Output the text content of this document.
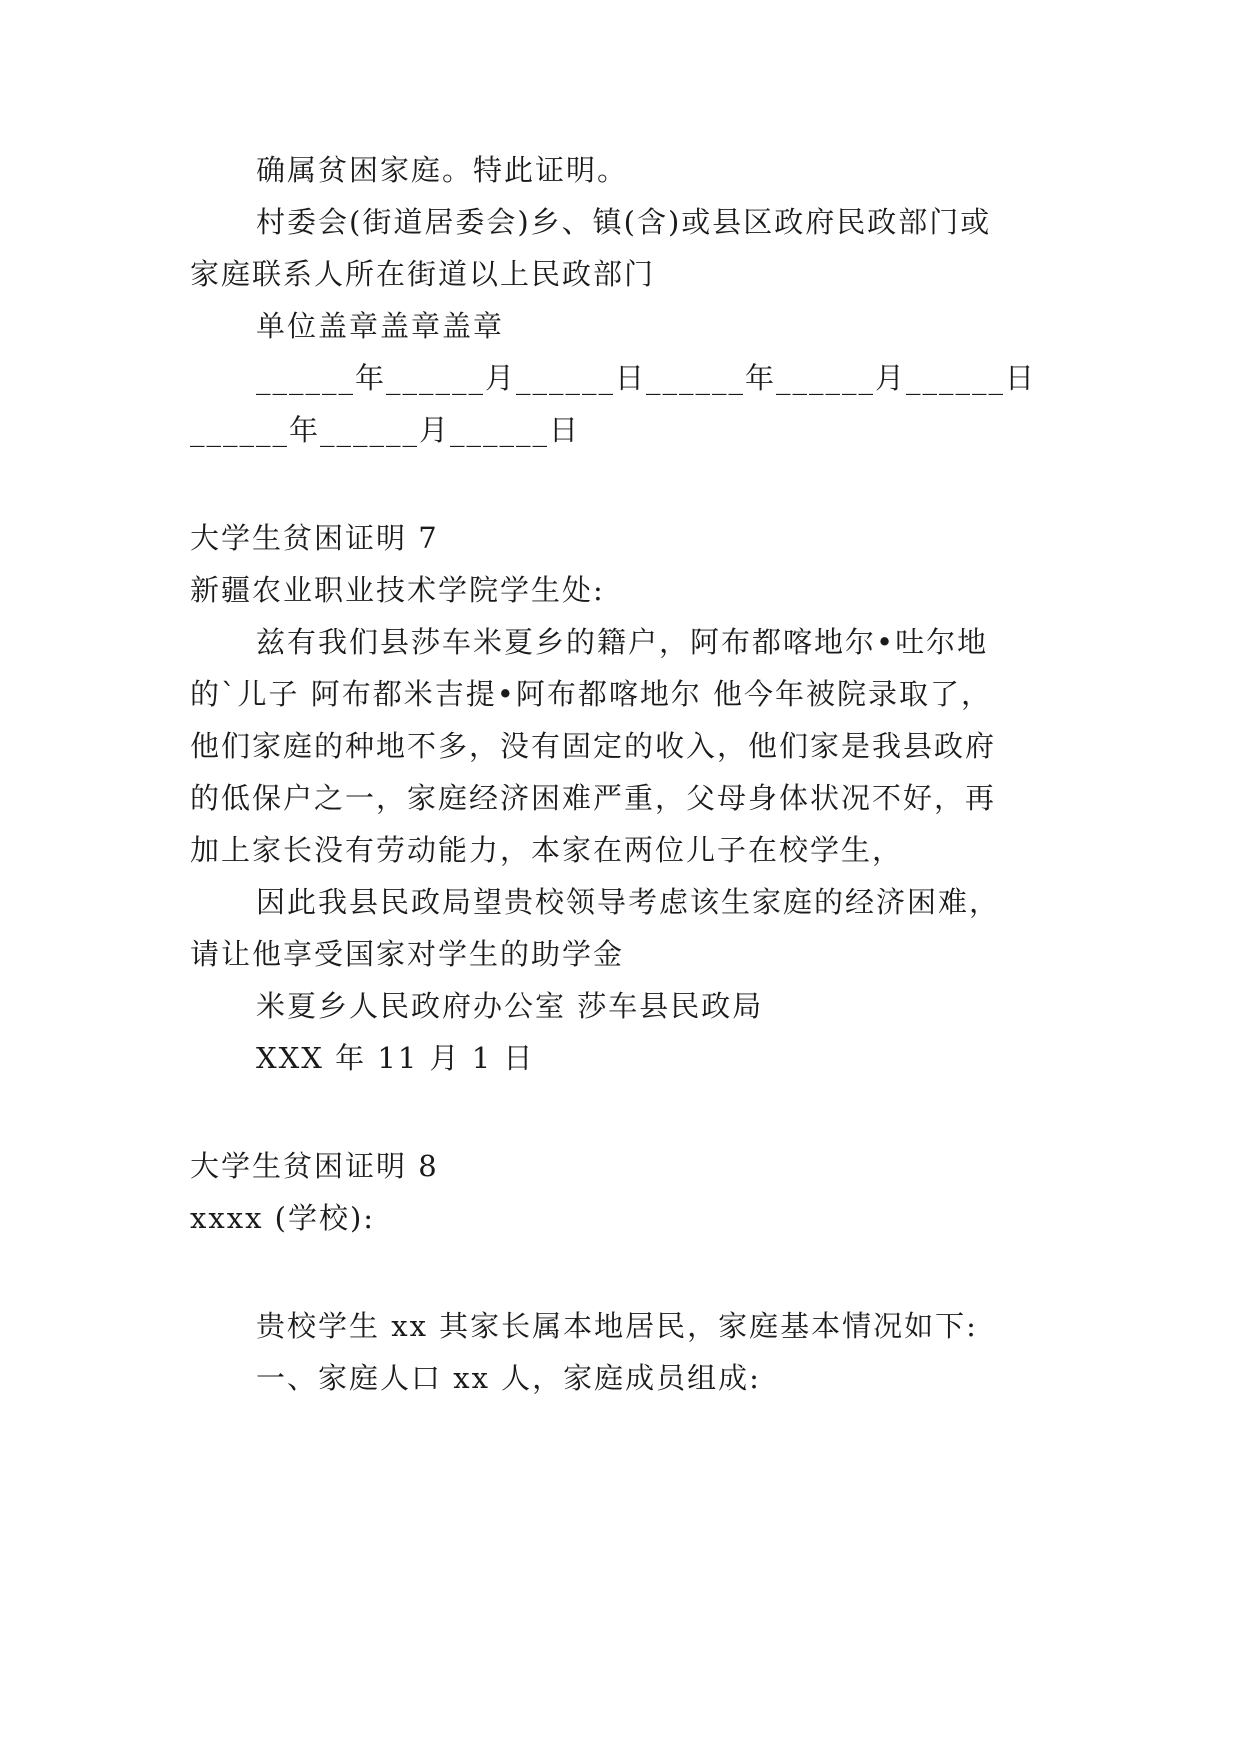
确属贫困家庭。特此证明。
村委会(街道居委会)乡、镇(含)或县区政府民政部门或
家庭联系人所在街道以上民政部门
单位盖章盖章盖章
______年______月______日______年______月______日
______年______月______日
大学生贫困证明 7
新疆农业职业技术学院学生处:
兹有我们县莎车米夏乡的籍户，阿布都喀地尔•吐尔地
的`儿子 阿布都米吉提•阿布都喀地尔 他今年被院录取了，
他们家庭的种地不多，没有固定的收入，他们家是我县政府
的低保户之一，家庭经济困难严重，父母身体状况不好，再
加上家长没有劳动能力，本家在两位儿子在校学生，
因此我县民政局望贵校领导考虑该生家庭的经济困难，
请让他享受国家对学生的助学金
米夏乡人民政府办公室 莎车县民政局
XXX 年 11 月 1 日
大学生贫困证明 8
xxxx (学校):
贵校学生 xx 其家长属本地居民，家庭基本情况如下:
一、家庭人口 xx 人，家庭成员组成:
